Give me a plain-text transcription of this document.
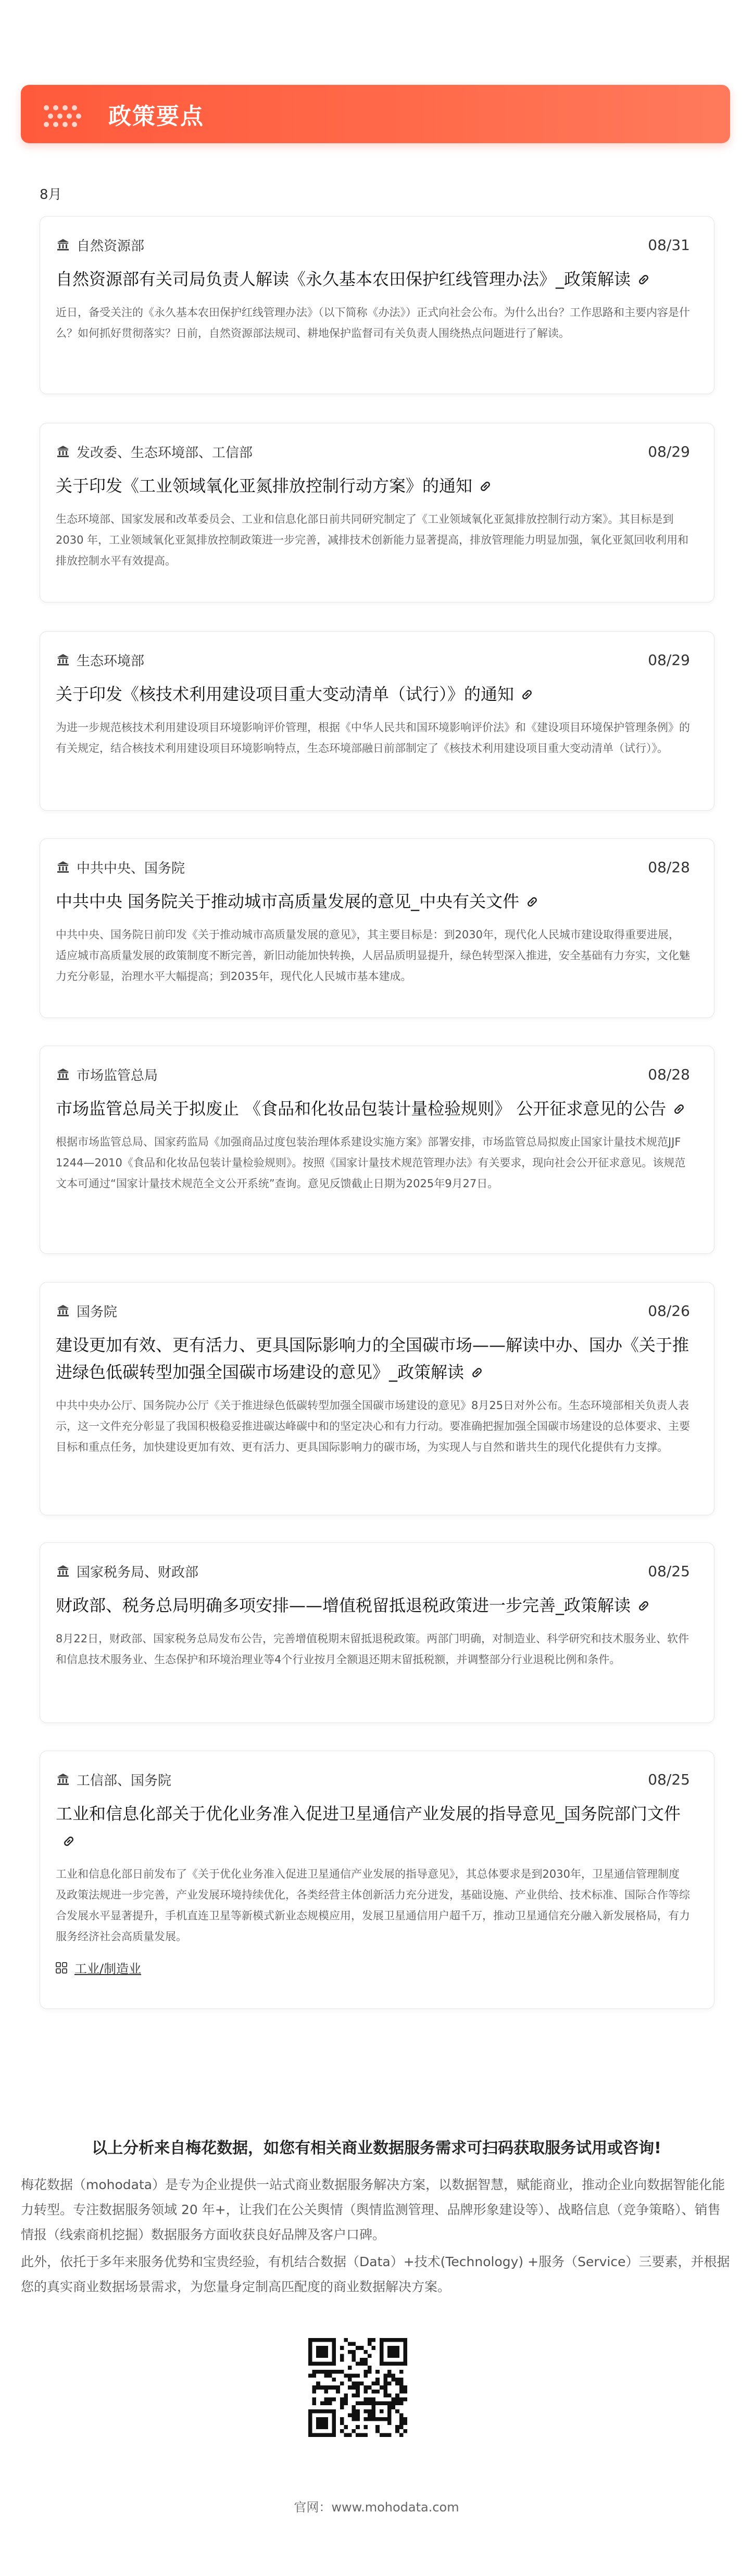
政策要点
8月
自然资源部	08/31
自然资源部有关司局负责人解读《永久基本农田保护红线管理办法》_政策解读
近日，备受关注的《永久基本农田保护红线管理办法》（以下简称《办法》）正式向社会公布。为什么出台？工作思路和主要内容是什么？如何抓好贯彻落实？日前，自然资源部法规司、耕地保护监督司有关负责人围绕热点问题进行了解读。
发改委、生态环境部、工信部	08/29
关于印发《工业领域氧化亚氮排放控制行动方案》的通知
生态环境部、国家发展和改革委员会、工业和信息化部日前共同研究制定了《工业领域氧化亚氮排放控制行动方案》。其目标是到 2030 年，工业领域氧化亚氮排放控制政策进一步完善，减排技术创新能力显著提高，排放管理能力明显加强，氧化亚氮回收利用和排放控制水平有效提高。
生态环境部	08/29
关于印发《核技术利用建设项目重大变动清单（试行）》的通知
为进一步规范核技术利用建设项目环境影响评价管理，根据《中华人民共和国环境影响评价法》和《建设项目环境保护管理条例》的有关规定，结合核技术利用建设项目环境影响特点，生态环境部融日前部制定了《核技术利用建设项目重大变动清单（试行）》。
中共中央、国务院	08/28
中共中央 国务院关于推动城市高质量发展的意见_中央有关文件
中共中央、国务院日前印发《关于推动城市高质量发展的意见》，其主要目标是：到2030年，现代化人民城市建设取得重要进展，适应城市高质量发展的政策制度不断完善，新旧动能加快转换，人居品质明显提升，绿色转型深入推进，安全基础有力夯实，文化魅力充分彰显，治理水平大幅提高；到2035年，现代化人民城市基本建成。
市场监管总局	08/28
市场监管总局关于拟废止 《食品和化妆品包装计量检验规则》 公开征求意见的公告
根据市场监管总局、国家药监局《加强商品过度包装治理体系建设实施方案》部署安排，市场监管总局拟废止国家计量技术规范JJF 1244—2010《食品和化妆品包装计量检验规则》。按照《国家计量技术规范管理办法》有关要求，现向社会公开征求意见。该规范文本可通过“国家计量技术规范全文公开系统”查询。意见反馈截止日期为2025年9月27日。
国务院	08/26
建设更加有效、更有活力、更具国际影响力的全国碳市场——解读中办、国办《关于推进绿色低碳转型加强全国碳市场建设的意见》_政策解读
中共中央办公厅、国务院办公厅《关于推进绿色低碳转型加强全国碳市场建设的意见》8月25日对外公布。生态环境部相关负责人表示，这一文件充分彰显了我国积极稳妥推进碳达峰碳中和的坚定决心和有力行动。要准确把握加强全国碳市场建设的总体要求、主要目标和重点任务，加快建设更加有效、更有活力、更具国际影响力的碳市场，为实现人与自然和谐共生的现代化提供有力支撑。
国家税务局、财政部	08/25
财政部、税务总局明确多项安排——增值税留抵退税政策进一步完善_政策解读
8月22日，财政部、国家税务总局发布公告，完善增值税期末留抵退税政策。两部门明确，对制造业、科学研究和技术服务业、软件和信息技术服务业、生态保护和环境治理业等4个行业按月全额退还期末留抵税额，并调整部分行业退税比例和条件。
工信部、国务院	08/25
工业和信息化部关于优化业务准入促进卫星通信产业发展的指导意见_国务院部门文件
工业和信息化部日前发布了《关于优化业务准入促进卫星通信产业发展的指导意见》，其总体要求是到2030年，卫星通信管理制度及政策法规进一步完善，产业发展环境持续优化，各类经营主体创新活力充分迸发，基础设施、产业供给、技术标准、国际合作等综合发展水平显著提升，手机直连卫星等新模式新业态规模应用，发展卫星通信用户超千万，推动卫星通信充分融入新发展格局，有力服务经济社会高质量发展。
工业/制造业
以上分析来自梅花数据，如您有相关商业数据服务需求可扫码获取服务试用或咨询!
梅花数据（mohodata）是专为企业提供一站式商业数据服务解决方案，以数据智慧，赋能商业，推动企业向数据智能化能力转型。专注数据服务领域 20 年+，让我们在公关舆情（舆情监测管理、品牌形象建设等）、战略信息（竞争策略）、销售情报（线索商机挖掘）数据服务方面收获良好品牌及客户口碑。
此外，依托于多年来服务优势和宝贵经验，有机结合数据（Data）+技术(Technology) +服务（Service）三要素，并根据您的真实商业数据场景需求，为您量身定制高匹配度的商业数据解决方案。
官网：www.mohodata.com
